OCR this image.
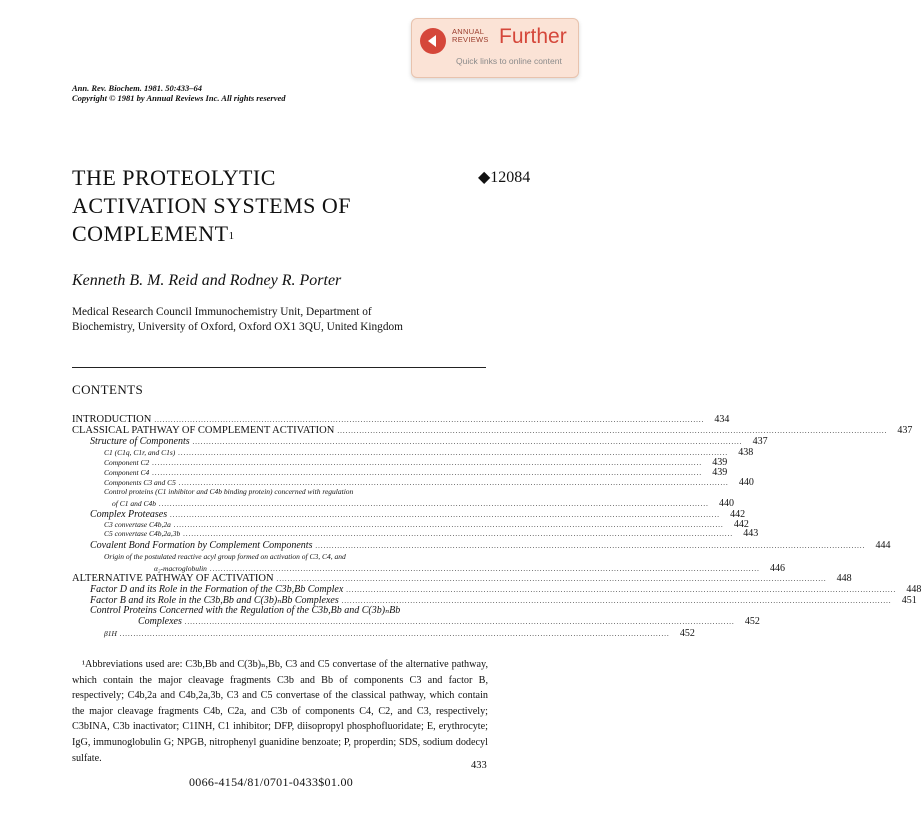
ANNUAL
REVIEWS Further
Quick links to online content
Ann. Rev. Biochem. 1981. 50:433–64
Copyright © 1981 by Annual Reviews Inc. All rights reserved
THE PROTEOLYTIC
ACTIVATION SYSTEMS OF
COMPLEMENT$^1$
◆12084
Kenneth B. M. Reid and Rodney R. Porter
Medical Research Council Immunochemistry Unit, Department of
Biochemistry, University of Oxford, Oxford OX1 3QU, United Kingdom
CONTENTS
INTRODUCTION ........................................................................................................................................................................................................	434
CLASSICAL PATHWAY OF COMPLEMENT ACTIVATION ........................................................................................................................................................................................................	437
Structure of Components ........................................................................................................................................................................................................	437
C1 (C1q, C1r, and C1s) ........................................................................................................................................................................................................	438
Component C2 ........................................................................................................................................................................................................	439
Component C4 ........................................................................................................................................................................................................	439
Components C3 and C5 ........................................................................................................................................................................................................	440
Control proteins (C1 inhibitor and C4b binding protein) concerned with regulation
of C1 and C4b ........................................................................................................................................................................................................	440
Complex Proteases ........................................................................................................................................................................................................	442
C3 convertase C4b,2a ........................................................................................................................................................................................................	442
C5 convertase C4b,2a,3b ........................................................................................................................................................................................................	443
Covalent Bond Formation by Complement Components ........................................................................................................................................................................................................	444
Origin of the postulated reactive acyl group formed on activation of C3, C4, and
α₂-macroglobulin ........................................................................................................................................................................................................	446
ALTERNATIVE PATHWAY OF ACTIVATION ........................................................................................................................................................................................................	448
Factor D and its Role in the Formation of the C3b,Bb Complex ........................................................................................................................................................................................................	448
Factor B and its Role in the C3b,Bb and C(3b)ₙBb Complexes ........................................................................................................................................................................................................	451
Control Proteins Concerned with the Regulation of the C3b,Bb and C(3b)ₙBb
Complexes ........................................................................................................................................................................................................	452
β1H ........................................................................................................................................................................................................	452
¹Abbreviations used are: C3b,Bb and C(3b)ₙ,Bb, C3 and C5 convertase of the alternative pathway, which contain the major cleavage fragments C3b and Bb of components C3 and factor B, respectively; C4b,2a and C4b,2a,3b, C3 and C5 convertase of the classical pathway, which contain the major cleavage fragments C4b, C2a, and C3b of components C4, C2, and C3, respectively; C3bINA, C3b inactivator; C1INH, C1 inhibitor; DFP, diisopropyl phosphofluoridate; E, erythrocyte; IgG, immunoglobulin G; NPGB, nitrophenyl guanidine benzoate; P, properdin; SDS, sodium dodecyl sulfate.
433
0066-4154/81/0701-0433$01.00
